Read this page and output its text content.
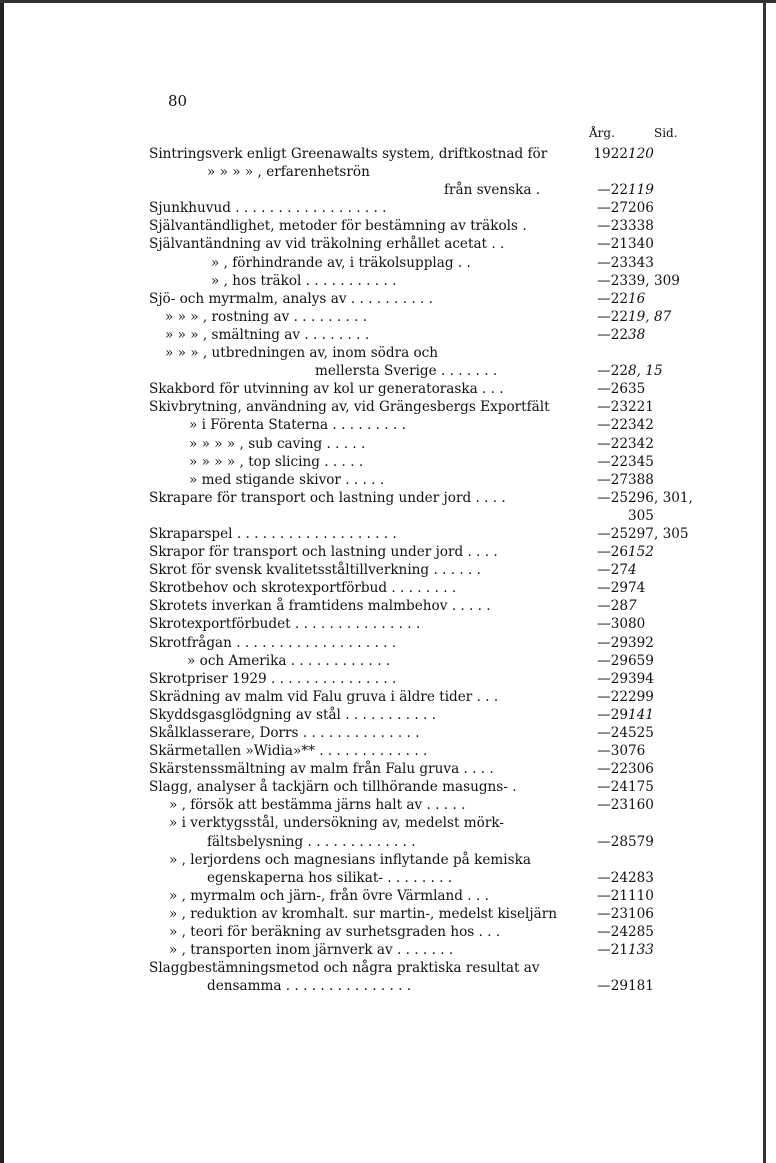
80
Årg.	Sid.
Sintringsverk enligt Greenawalts system, driftkostnad för	1922 120
» » » » , erfarenhetsrön
från svenska .	—22 119
Sjunkhuvud . . . . . . . . . . . . . . . . . .	—27 206
Självantändlighet, metoder för bestämning av träkols .	—23 338
Självantändning av vid träkolning erhållet acetat . .	—21 340
» , förhindrande av, i träkolsupplag . .	—23 343
» , hos träkol . . . . . . . . . . .	—23 39, 309
Sjö- och myrmalm, analys av . . . . . . . . . .	—22 16
» » » , rostning av . . . . . . . . .	—22 19, 87
» » » , smältning av . . . . . . . .	—22 38
» » » , utbredningen av, inom södra och
mellersta Sverige . . . . . . .	—22 8, 15
Skakbord för utvinning av kol ur generatoraska . . .	—26 35
Skivbrytning, användning av, vid Grängesbergs Exportfält	—23 221
» i Förenta Staterna . . . . . . . . .	—22 342
» » » » , sub caving . . . . .	—22 342
» » » » , top slicing . . . . .	—22 345
» med stigande skivor . . . . .	—27 388
Skrapare för transport och lastning under jord . . . .	—25 296, 301,
305
Skraparspel . . . . . . . . . . . . . . . . . . .	—25 297, 305
Skrapor för transport och lastning under jord . . . .	—26 152
Skrot för svensk kvalitetsståltillverkning . . . . . .	—27 4
Skrotbehov och skrotexportförbud . . . . . . . .	—29 74
Skrotets inverkan å framtidens malmbehov . . . . .	—28 7
Skrotexportförbudet . . . . . . . . . . . . . . .	—30 80
Skrotfrågan . . . . . . . . . . . . . . . . . . .	—29 392
» och Amerika . . . . . . . . . . . .	—29 659
Skrotpriser 1929 . . . . . . . . . . . . . . .	—29 394
Skrädning av malm vid Falu gruva i äldre tider . . .	—22 299
Skyddsgasglödgning av stål . . . . . . . . . . .	—29 141
Skålklasserare, Dorrs . . . . . . . . . . . . . .	—24 525
Skärmetallen »Widia»** . . . . . . . . . . . . .	—30 76
Skärstenssmältning av malm från Falu gruva . . . .	—22 306
Slagg, analyser å tackjärn och tillhörande masugns- .	—24 175
» , försök att bestämma järns halt av . . . . .	—23 160
» i verktygsstål, undersökning av, medelst mörk-
fältsbelysning . . . . . . . . . . . . .	—28 579
» , lerjordens och magnesians inflytande på kemiska
egenskaperna hos silikat- . . . . . . . .	—24 283
» , myrmalm och järn-, från övre Värmland . . .	—21 110
» , reduktion av kromhalt. sur martin-, medelst kiseljärn	—23 106
» , teori för beräkning av surhetsgraden hos . . .	—24 285
» , transporten inom järnverk av . . . . . . .	—21 133
Slaggbestämningsmetod och några praktiska resultat av
densamma . . . . . . . . . . . . . . .	—29 181
